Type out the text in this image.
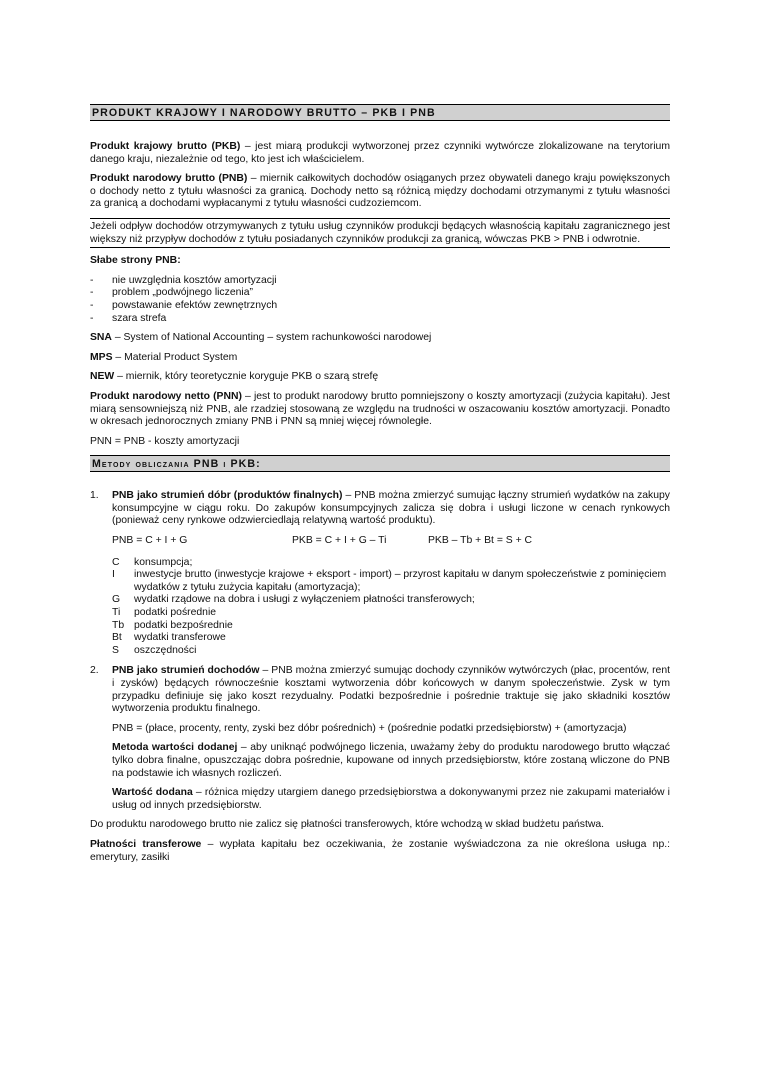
PRODUKT KRAJOWY I NARODOWY BRUTTO – PKB I PNB

Produkt krajowy brutto (PKB) – jest miarą produkcji wytworzonej przez czynniki wytwórcze zlokalizowane na terytorium danego kraju, niezależnie od tego, kto jest ich właścicielem.

Produkt narodowy brutto (PNB) – miernik całkowitych dochodów osiąganych przez obywateli danego kraju powiększonych o dochody netto z tytułu własności za granicą. Dochody netto są różnicą między dochodami otrzymanymi z tytułu własności za granicą a dochodami wypłacanymi z tytułu własności cudzoziemcom.

Jeżeli odpływ dochodów otrzymywanych z tytułu usług czynników produkcji będących własnością kapitału zagranicznego jest większy niż przypływ dochodów z tytułu posiadanych czynników produkcji za granicą, wówczas PKB > PNB i odwrotnie.

Słabe strony PNB:

- nie uwzględnia kosztów amortyzacji
- problem „podwójnego liczenia”
- powstawanie efektów zewnętrznych
- szara strefa

SNA – System of National Accounting – system rachunkowości narodowej

MPS – Material Product System

NEW – miernik, który teoretycznie koryguje PKB o szarą strefę

Produkt narodowy netto (PNN) – jest to produkt narodowy brutto pomniejszony o koszty amortyzacji (zużycia kapitału). Jest miarą sensowniejszą niż PNB, ale rzadziej stosowaną ze względu na trudności w oszacowaniu kosztów amortyzacji. Ponadto w okresach jednorocznych zmiany PNB i PNN są mniej więcej równoległe.

PNN = PNB - koszty amortyzacji

Metody obliczania PNB i PKB:
1. PNB jako strumień dóbr (produktów finalnych) – PNB można zmierzyć sumując łączny strumień wydatków na zakupy konsumpcyjne w ciągu roku. Do zakupów konsumpcyjnych zalicza się dobra i usługi liczone w cenach rynkowych (ponieważ ceny rynkowe odzwierciedlają relatywną wartość produktu).

PNB = C + I + G	PKB = C + I + G – Ti	PKB – Tb + Bt = S + C
C	konsumpcja;
I	inwestycje brutto (inwestycje krajowe + eksport - import) – przyrost kapitału w danym społeczeństwie z pominięciem wydatków z tytułu zużycia kapitału (amortyzacja);
G	wydatki rządowe na dobra i usługi z wyłączeniem płatności transferowych;
Ti	podatki pośrednie
Tb podatki bezpośrednie
Bt	wydatki transferowe
S	oszczędności
2. PNB jako strumień dochodów – PNB można zmierzyć sumując dochody czynników wytwórczych (płac, procentów, rent i zysków) będących równocześnie kosztami wytworzenia dóbr końcowych w danym społeczeństwie. Zysk w tym przypadku definiuje się jako koszt rezydualny. Podatki bezpośrednie i pośrednie traktuje się jako składniki kosztów wytworzenia produktu finalnego.

PNB = (płace, procenty, renty, zyski bez dóbr pośrednich) + (pośrednie podatki przedsiębiorstw) + (amortyzacja)

Metoda wartości dodanej – aby uniknąć podwójnego liczenia, uważamy żeby do produktu narodowego brutto włączać tylko dobra finalne, opuszczając dobra pośrednie, kupowane od innych przedsiębiorstw, które zostaną wliczone do PNB na podstawie ich własnych rozliczeń.

Wartość dodana – różnica między utargiem danego przedsiębiorstwa a dokonywanymi przez nie zakupami materiałów i usług od innych przedsiębiorstw.

Do produktu narodowego brutto nie zalicz się płatności transferowych, które wchodzą w skład budżetu państwa.

Płatności transferowe – wypłata kapitału bez oczekiwania, że zostanie wyświadczona za nie określona usługa np.: emerytury, zasiłki
